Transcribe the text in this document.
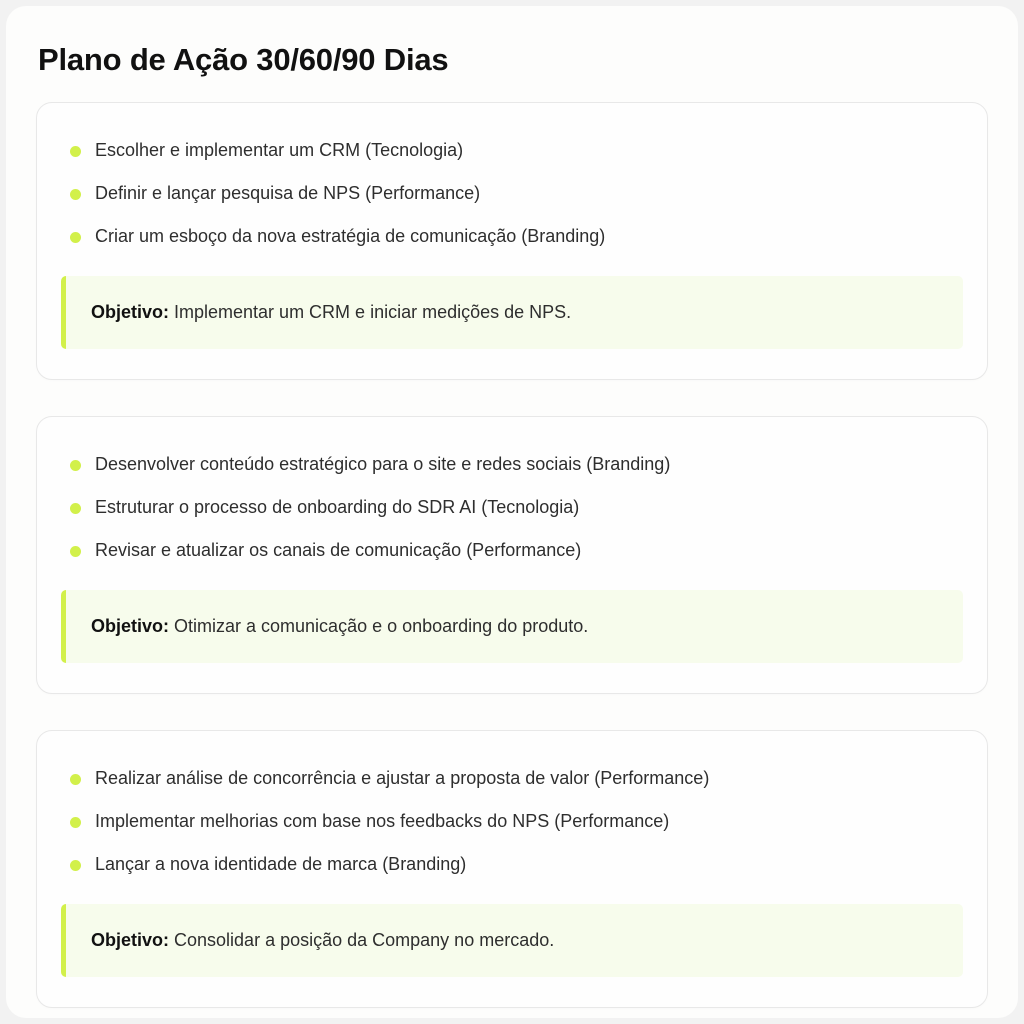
Plano de Ação 30/60/90 Dias
Escolher e implementar um CRM (Tecnologia)
Definir e lançar pesquisa de NPS (Performance)
Criar um esboço da nova estratégia de comunicação (Branding)
Objetivo: Implementar um CRM e iniciar medições de NPS.
Desenvolver conteúdo estratégico para o site e redes sociais (Branding)
Estruturar o processo de onboarding do SDR AI (Tecnologia)
Revisar e atualizar os canais de comunicação (Performance)
Objetivo: Otimizar a comunicação e o onboarding do produto.
Realizar análise de concorrência e ajustar a proposta de valor (Performance)
Implementar melhorias com base nos feedbacks do NPS (Performance)
Lançar a nova identidade de marca (Branding)
Objetivo: Consolidar a posição da Company no mercado.
